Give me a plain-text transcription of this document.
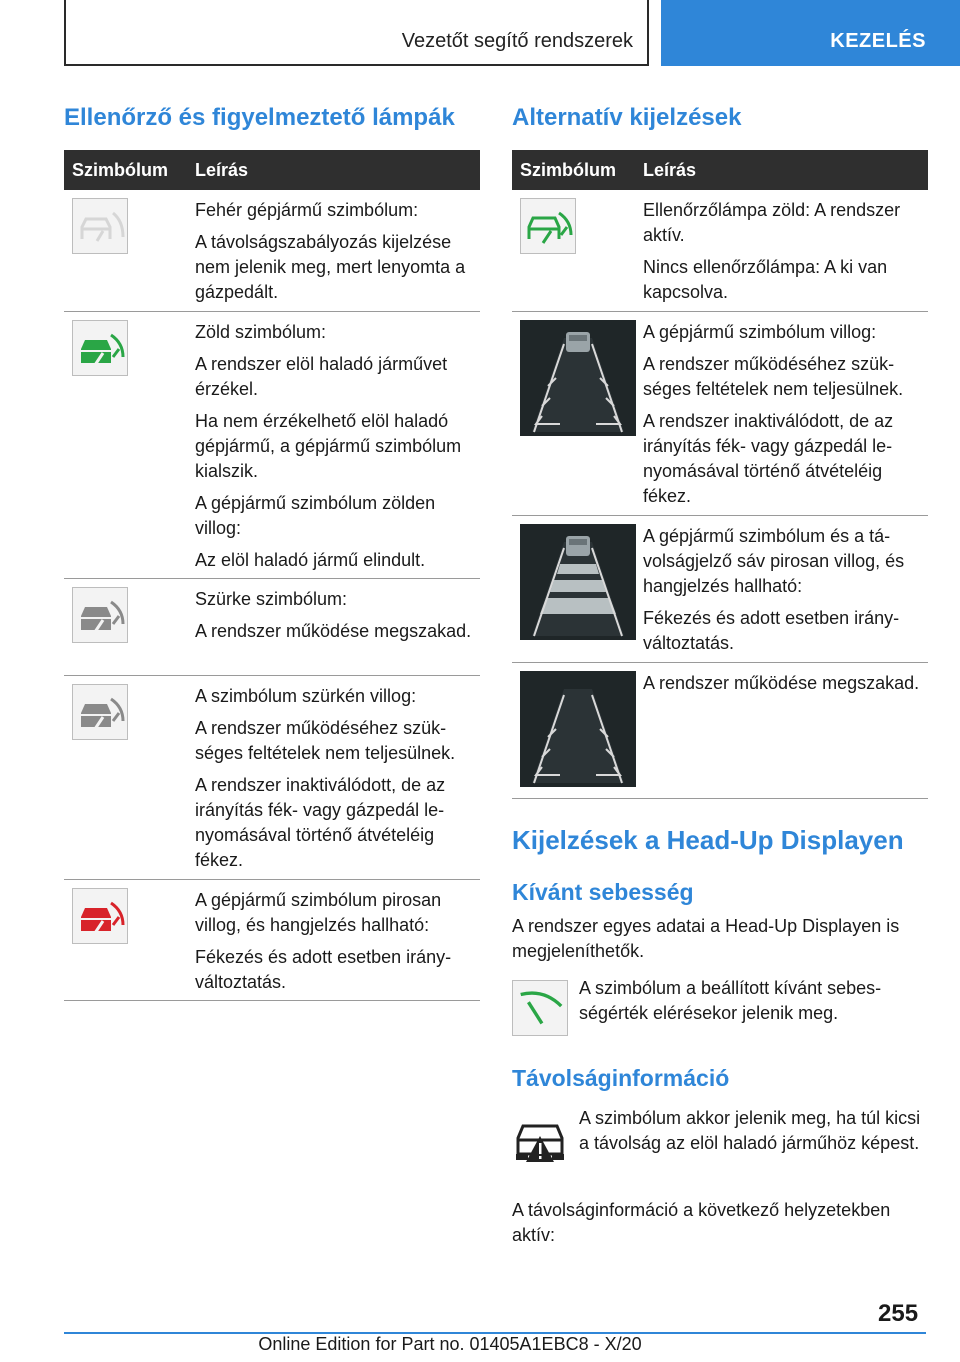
Vezetőt segítő rendszerek	KEZELÉS
Ellenőrző és figyelmeztető lámpák
Szimbólum Leírás

Fehér gépjármű szimbólum:

A távolságszabályozás kijelzése nem jelenik meg, mert lenyomta a gázpedált.

Zöld szimbólum:

A rendszer elöl haladó járművet érzékel.

Ha nem érzékelhető elöl haladó gépjármű, a gépjármű szimbólum kialszik.

A gépjármű szimbólum zölden villog:

Az elöl haladó jármű elindult.

Szürke szimbólum:

A rendszer működése megszakad.

A szimbólum szürkén villog:

A rendszer működéséhez szükséges feltételek nem teljesülnek.

A rendszer inaktiválódott, de az irányítás fék- vagy gázpedál lenyomásával történő átvételéig fékez.

A gépjármű szimbólum pirosan villog, és hangjelzés hallható:

Fékezés és adott esetben irányváltoztatás.

Alternatív kijelzések
Szimbólum Leírás

Ellenőrzőlámpa zöld: A rendszer aktív.

Nincs ellenőrzőlámpa: A ki van kapcsolva.

A gépjármű szimbólum villog:

A rendszer működéséhez szükséges feltételek nem teljesülnek.

A rendszer inaktiválódott, de az irányítás fék- vagy gázpedál lenyomásával történő átvételéig fékez.

A gépjármű szimbólum és a távolságjelző sáv pirosan villog, és hangjelzés hallható:

Fékezés és adott esetben irányváltoztatás.

A rendszer működése megszakad.

Kijelzések a Head-Up Displayen
Kívánt sebesség
A rendszer egyes adatai a Head-Up Displayen is megjeleníthetők.
A szimbólum a beállított kívánt sebességérték elérésekor jelenik meg.
Távolságinformáció
A szimbólum akkor jelenik meg, ha túl kicsi a távolság az elöl haladó járműhöz képest.
A távolságinformáció a következő helyzetekben aktív:
255
Online Edition for Part no. 01405A1EBC8 - X/20
